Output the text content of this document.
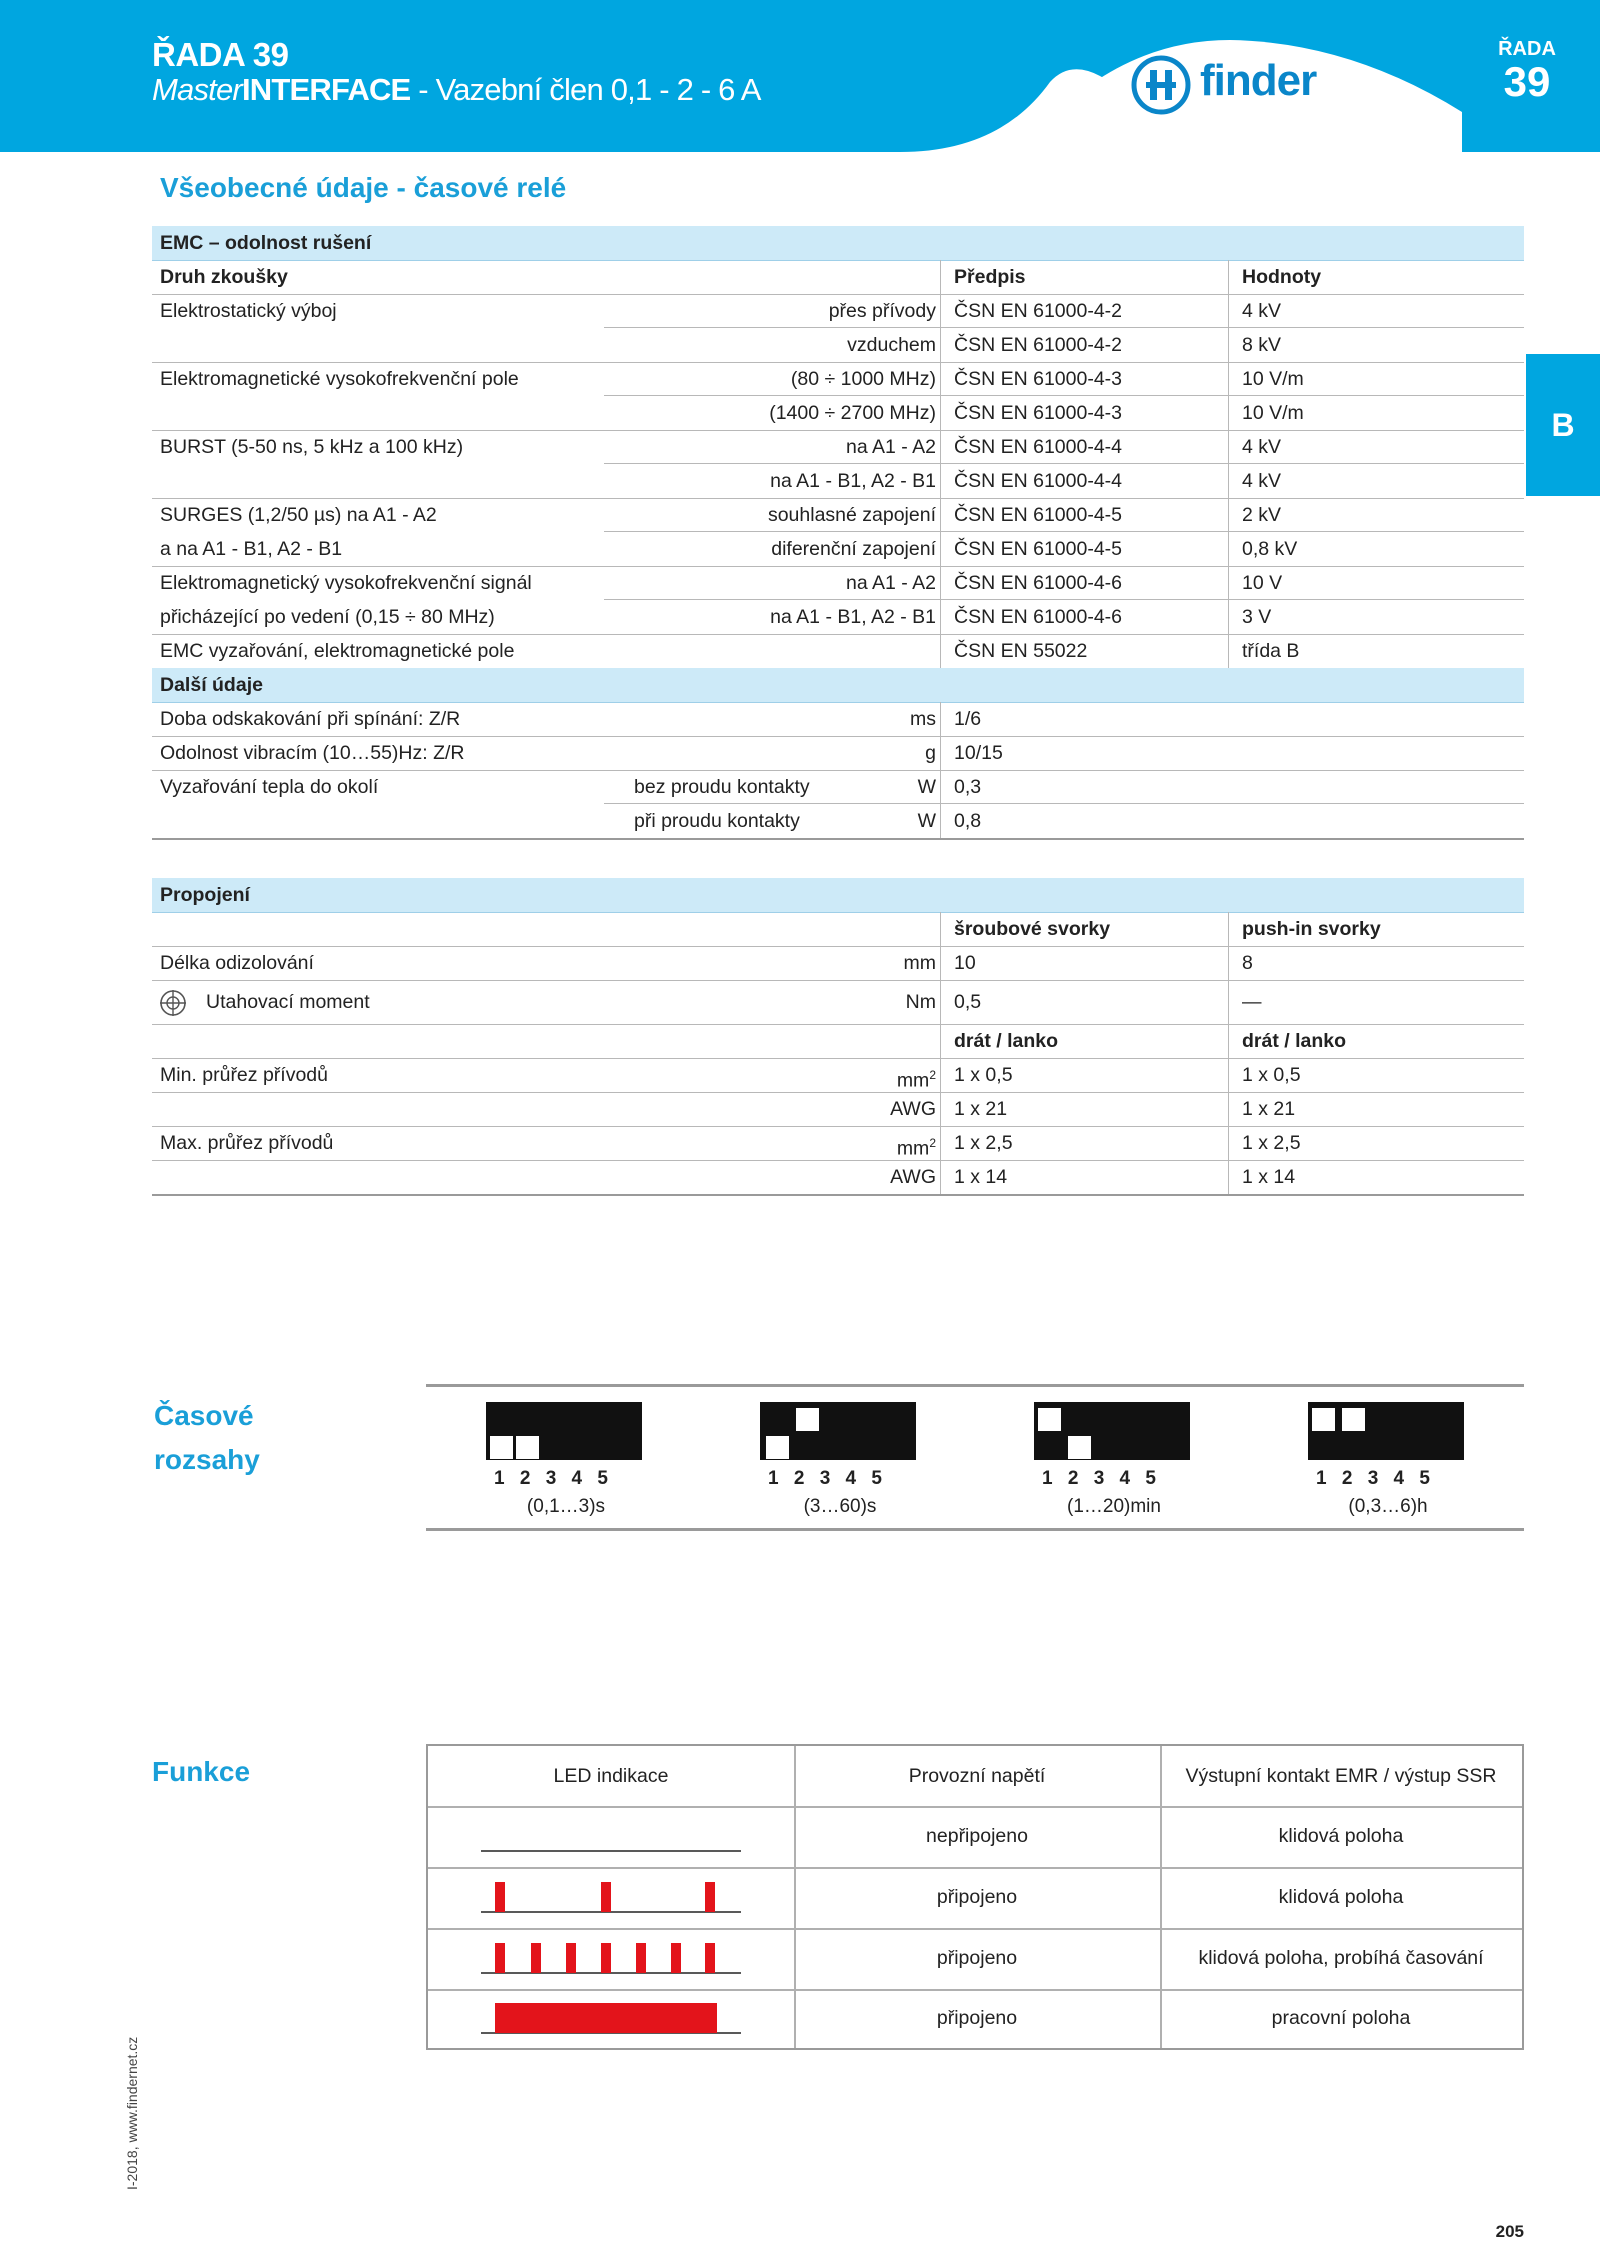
ŘADA 39
MasterINTERFACE - Vazební člen 0,1 - 2 - 6 A	finder
ŘADA
39
B
Všeobecné údaje - časové relé
EMC – odolnost rušení
Druh zkoušky	Předpis	Hodnoty
Elektrostatický výboj	přes přívody ČSN EN 61000-4-2	4 kV
vzduchem ČSN EN 61000-4-2	8 kV
Elektromagnetické vysokofrekvenční pole	(80 ÷ 1000 MHz) ČSN EN 61000-4-3	10 V/m
(1400 ÷ 2700 MHz) ČSN EN 61000-4-3	10 V/m
BURST (5-50 ns, 5 kHz a 100 kHz)	na A1 - A2 ČSN EN 61000-4-4	4 kV
na A1 - B1, A2 - B1 ČSN EN 61000-4-4	4 kV
SURGES (1,2/50 µs) na A1 - A2	souhlasné zapojení ČSN EN 61000-4-5	2 kV
a na A1 - B1, A2 - B1	diferenční zapojení ČSN EN 61000-4-5	0,8 kV
Elektromagnetický vysokofrekvenční signál	na A1 - A2 ČSN EN 61000-4-6	10 V
přicházející po vedení (0,15 ÷ 80 MHz)	na A1 - B1, A2 - B1 ČSN EN 61000-4-6	3 V
EMC vyzařování, elektromagnetické pole	ČSN EN 55022	třída B
Další údaje
Doba odskakování při spínání: Z/R	ms 1/6
Odolnost vibracím (10…55)Hz: Z/R	g 10/15
Vyzařování tepla do okolí	bez proudu kontakty	W 0,3
při proudu kontakty	W 0,8
Propojení
šroubové svorky	push-in svorky
Délka odizolování	mm 10	8
Utahovací moment	Nm 0,5	—
drát / lanko	drát / lanko
Min. průřez přívodů	$mm^2$ 1 x 0,5	1 x 0,5
AWG 1 x 21	1 x 21
Max. průřez přívodů	$mm^2$ 1 x 2,5	1 x 2,5
AWG 1 x 14	1 x 14
Časové
rozsahy
1 2 3 4 5
(0,1…3)s
1 2 3 4 5
(3…60)s
1 2 3 4 5
(1…20)min
1 2 3 4 5
(0,3…6)h
Funkce	LED indikace	Provozní napětí	Výstupní kontakt EMR / výstup SSR
nepřipojeno	klidová poloha
připojeno	klidová poloha
připojeno	klidová poloha, probíhá časování
připojeno	pracovní poloha
I-2018, www.findernet.cz
205
